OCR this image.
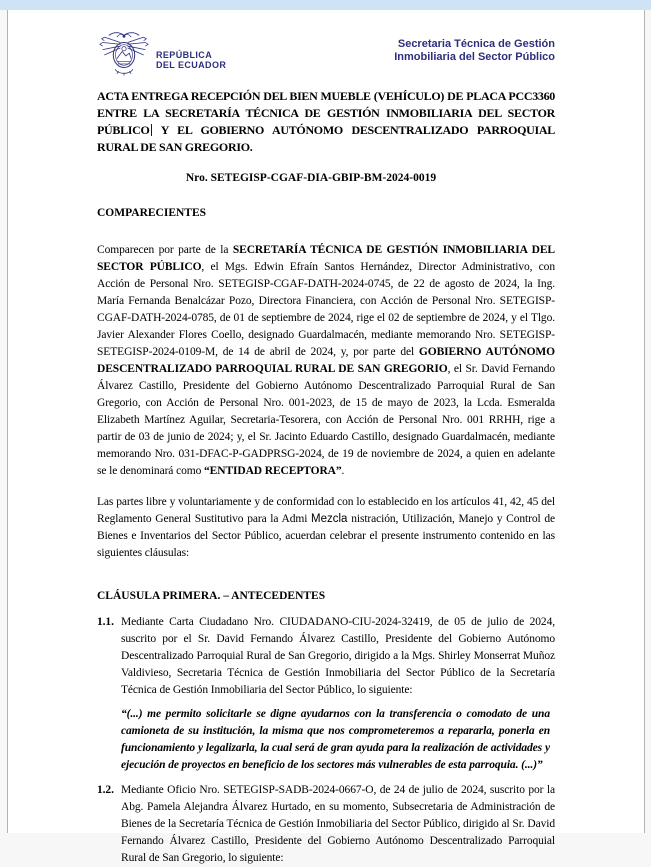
REPÚBLICA
DEL ECUADOR
Secretaria Técnica de Gestión
Inmobiliaria del Sector Público
ACTA ENTREGA RECEPCIÓN DEL BIEN MUEBLE (VEHÍCULO) DE PLACA PCC3360 ENTRE LA SECRETARÍA TÉCNICA DE GESTIÓN INMOBILIARIA DEL SECTOR PÚBLICO Y EL GOBIERNO AUTÓNOMO DESCENTRALIZADO PARROQUIAL RURAL DE SAN GREGORIO.
Nro. SETEGISP-CGAF-DIA-GBIP-BM-2024-0019
COMPARECIENTES
Comparecen por parte de la SECRETARÍA TÉCNICA DE GESTIÓN INMOBILIARIA DEL SECTOR PÚBLICO, el Mgs. Edwin Efraín Santos Hernández, Director Administrativo, con Acción de Personal Nro. SETEGISP-CGAF-DATH-2024-0745, de 22 de agosto de 2024, la Ing. María Fernanda Benalcázar Pozo, Directora Financiera, con Acción de Personal Nro. SETEGISP-CGAF-DATH-2024-0785, de 01 de septiembre de 2024, rige el 02 de septiembre de 2024, y el Tlgo. Javier Alexander Flores Coello, designado Guardalmacén, mediante memorando Nro. SETEGISP-SETEGISP-2024-0109-M, de 14 de abril de 2024, y, por parte del GOBIERNO AUTÓNOMO DESCENTRALIZADO PARROQUIAL RURAL DE SAN GREGORIO, el Sr. David Fernando Álvarez Castillo, Presidente del Gobierno Autónomo Descentralizado Parroquial Rural de San Gregorio, con Acción de Personal Nro. 001-2023, de 15 de mayo de 2023, la Lcda. Esmeralda Elizabeth Martínez Aguilar, Secretaria-Tesorera, con Acción de Personal Nro. 001 RRHH, rige a partir de 03 de junio de 2024; y, el Sr. Jacinto Eduardo Castillo, designado Guardalmacén, mediante memorando Nro. 031-DFAC-P-GADPRSG-2024, de 19 de noviembre de 2024, a quien en adelante se le denominará como “ENTIDAD RECEPTORA”.
Las partes libre y voluntariamente y de conformidad con lo establecido en los artículos 41, 42, 45 del Reglamento General Sustitutivo para la Admi Mezcla nistración, Utilización, Manejo y Control de Bienes e Inventarios del Sector Público, acuerdan celebrar el presente instrumento contenido en las siguientes cláusulas:
CLÁUSULA PRIMERA. – ANTECEDENTES
1.1. Mediante Carta Ciudadano Nro. CIUDADANO-CIU-2024-32419, de 05 de julio de 2024, suscrito por el Sr. David Fernando Álvarez Castillo, Presidente del Gobierno Autónomo Descentralizado Parroquial Rural de San Gregorio, dirigido a la Mgs. Shirley Monserrat Muñoz Valdivieso, Secretaria Técnica de Gestión Inmobiliaria del Sector Público de la Secretaría Técnica de Gestión Inmobiliaria del Sector Público, lo siguiente:
“(...) me permito solicitarle se digne ayudarnos con la transferencia o comodato de una camioneta de su institución, la misma que nos comprometeremos a repararla, ponerla en funcionamiento y legalizarla, la cual será de gran ayuda para la realización de actividades y ejecución de proyectos en beneficio de los sectores más vulnerables de esta parroquia. (...)”
1.2. Mediante Oficio Nro. SETEGISP-SADB-2024-0667-O, de 24 de julio de 2024, suscrito por la Abg. Pamela Alejandra Álvarez Hurtado, en su momento, Subsecretaria de Administración de Bienes de la Secretaría Técnica de Gestión Inmobiliaria del Sector Público, dirigido al Sr. David Fernando Álvarez Castillo, Presidente del Gobierno Autónomo Descentralizado Parroquial Rural de San Gregorio, lo siguiente:
